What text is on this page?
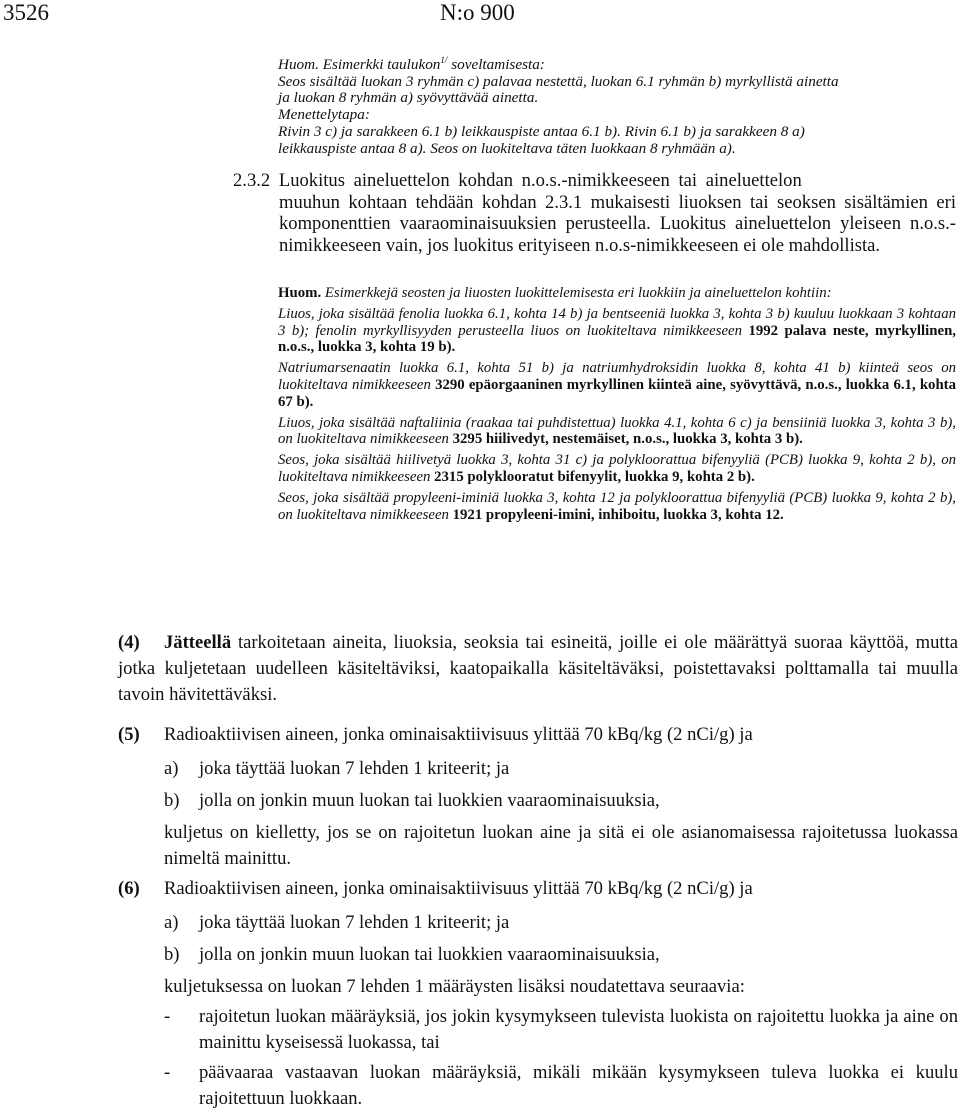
3526	N:o 900
Huom. Esimerkki taulukon$^{1/}$ soveltamisesta:
Seos sisältää luokan 3 ryhmän c) palavaa nestettä, luokan 6.1 ryhmän b) myrkyllistä ainetta
ja luokan 8 ryhmän a) syövyttävää ainetta.
Menettelytapa:
Rivin 3 c) ja sarakkeen 6.1 b) leikkauspiste antaa 6.1 b). Rivin 6.1 b) ja sarakkeen 8 a)
leikkauspiste antaa 8 a). Seos on luokiteltava täten luokkaan 8 ryhmään a).
2.3.2 Luokitus aineluettelon kohdan n.o.s.-nimikkeeseen tai aineluettelon
muuhun kohtaan tehdään kohdan 2.3.1 mukaisesti liuoksen tai seoksen sisältämien eri komponenttien vaaraominaisuuksien perusteella. Luokitus aineluettelon yleiseen n.o.s.-nimikkeeseen vain, jos luokitus erityiseen n.o.s-nimikkeeseen ei ole mahdollista.

Huom. Esimerkkejä seosten ja liuosten luokittelemisesta eri luokkiin ja aineluettelon kohtiin:

Liuos, joka sisältää fenolia luokka 6.1, kohta 14 b) ja bentseeniä luokka 3, kohta 3 b) kuuluu luokkaan 3 kohtaan 3 b); fenolin myrkyllisyyden perusteella liuos on luokiteltava nimikkeeseen 1992 palava neste, myrkyllinen, n.o.s., luokka 3, kohta 19 b).

Natriumarsenaatin luokka 6.1, kohta 51 b) ja natriumhydroksidin luokka 8, kohta 41 b) kiinteä seos on luokiteltava nimikkeeseen 3290 epäorgaaninen myrkyllinen kiinteä aine, syövyttävä, n.o.s., luokka 6.1, kohta 67 b).

Liuos, joka sisältää naftaliinia (raakaa tai puhdistettua) luokka 4.1, kohta 6 c) ja bensiiniä luokka 3, kohta 3 b), on luokiteltava nimikkeeseen 3295 hiilivedyt, nestemäiset, n.o.s., luokka 3, kohta 3 b).

Seos, joka sisältää hiilivetyä luokka 3, kohta 31 c) ja polykloorattua bifenyyliä (PCB) luokka 9, kohta 2 b), on luokiteltava nimikkeeseen 2315 polyklooratut bifenyylit, luokka 9, kohta 2 b).

Seos, joka sisältää propyleeni-iminiä luokka 3, kohta 12 ja polykloorattua bifenyyliä (PCB) luokka 9, kohta 2 b), on luokiteltava nimikkeeseen 1921 propyleeni-imini, inhiboitu, luokka 3, kohta 12.

(4) Jätteellä tarkoitetaan aineita, liuoksia, seoksia tai esineitä, joille ei ole määrättyä suoraa käyttöä, mutta jotka kuljetetaan uudelleen käsiteltäviksi, kaatopaikalla käsiteltäväksi, poistettavaksi polttamalla tai muulla tavoin hävitettäväksi.

(5) Radioaktiivisen aineen, jonka ominaisaktiivisuus ylittää 70 kBq/kg (2 nCi/g) ja

a) joka täyttää luokan 7 lehden 1 kriteerit; ja

b) jolla on jonkin muun luokan tai luokkien vaaraominaisuuksia,

kuljetus on kielletty, jos se on rajoitetun luokan aine ja sitä ei ole asianomaisessa rajoitetussa luokassa nimeltä mainittu.

(6) Radioaktiivisen aineen, jonka ominaisaktiivisuus ylittää 70 kBq/kg (2 nCi/g) ja

a) joka täyttää luokan 7 lehden 1 kriteerit; ja

b) jolla on jonkin muun luokan tai luokkien vaaraominaisuuksia,

kuljetuksessa on luokan 7 lehden 1 määräysten lisäksi noudatettava seuraavia:

-	rajoitetun luokan määräyksiä, jos jokin kysymykseen tulevista luokista on rajoitettu luokka ja aine on mainittu kyseisessä luokassa, tai
-	päävaaraa vastaavan luokan määräyksiä, mikäli mikään kysymykseen tuleva luokka ei kuulu rajoitettuun luokkaan.
